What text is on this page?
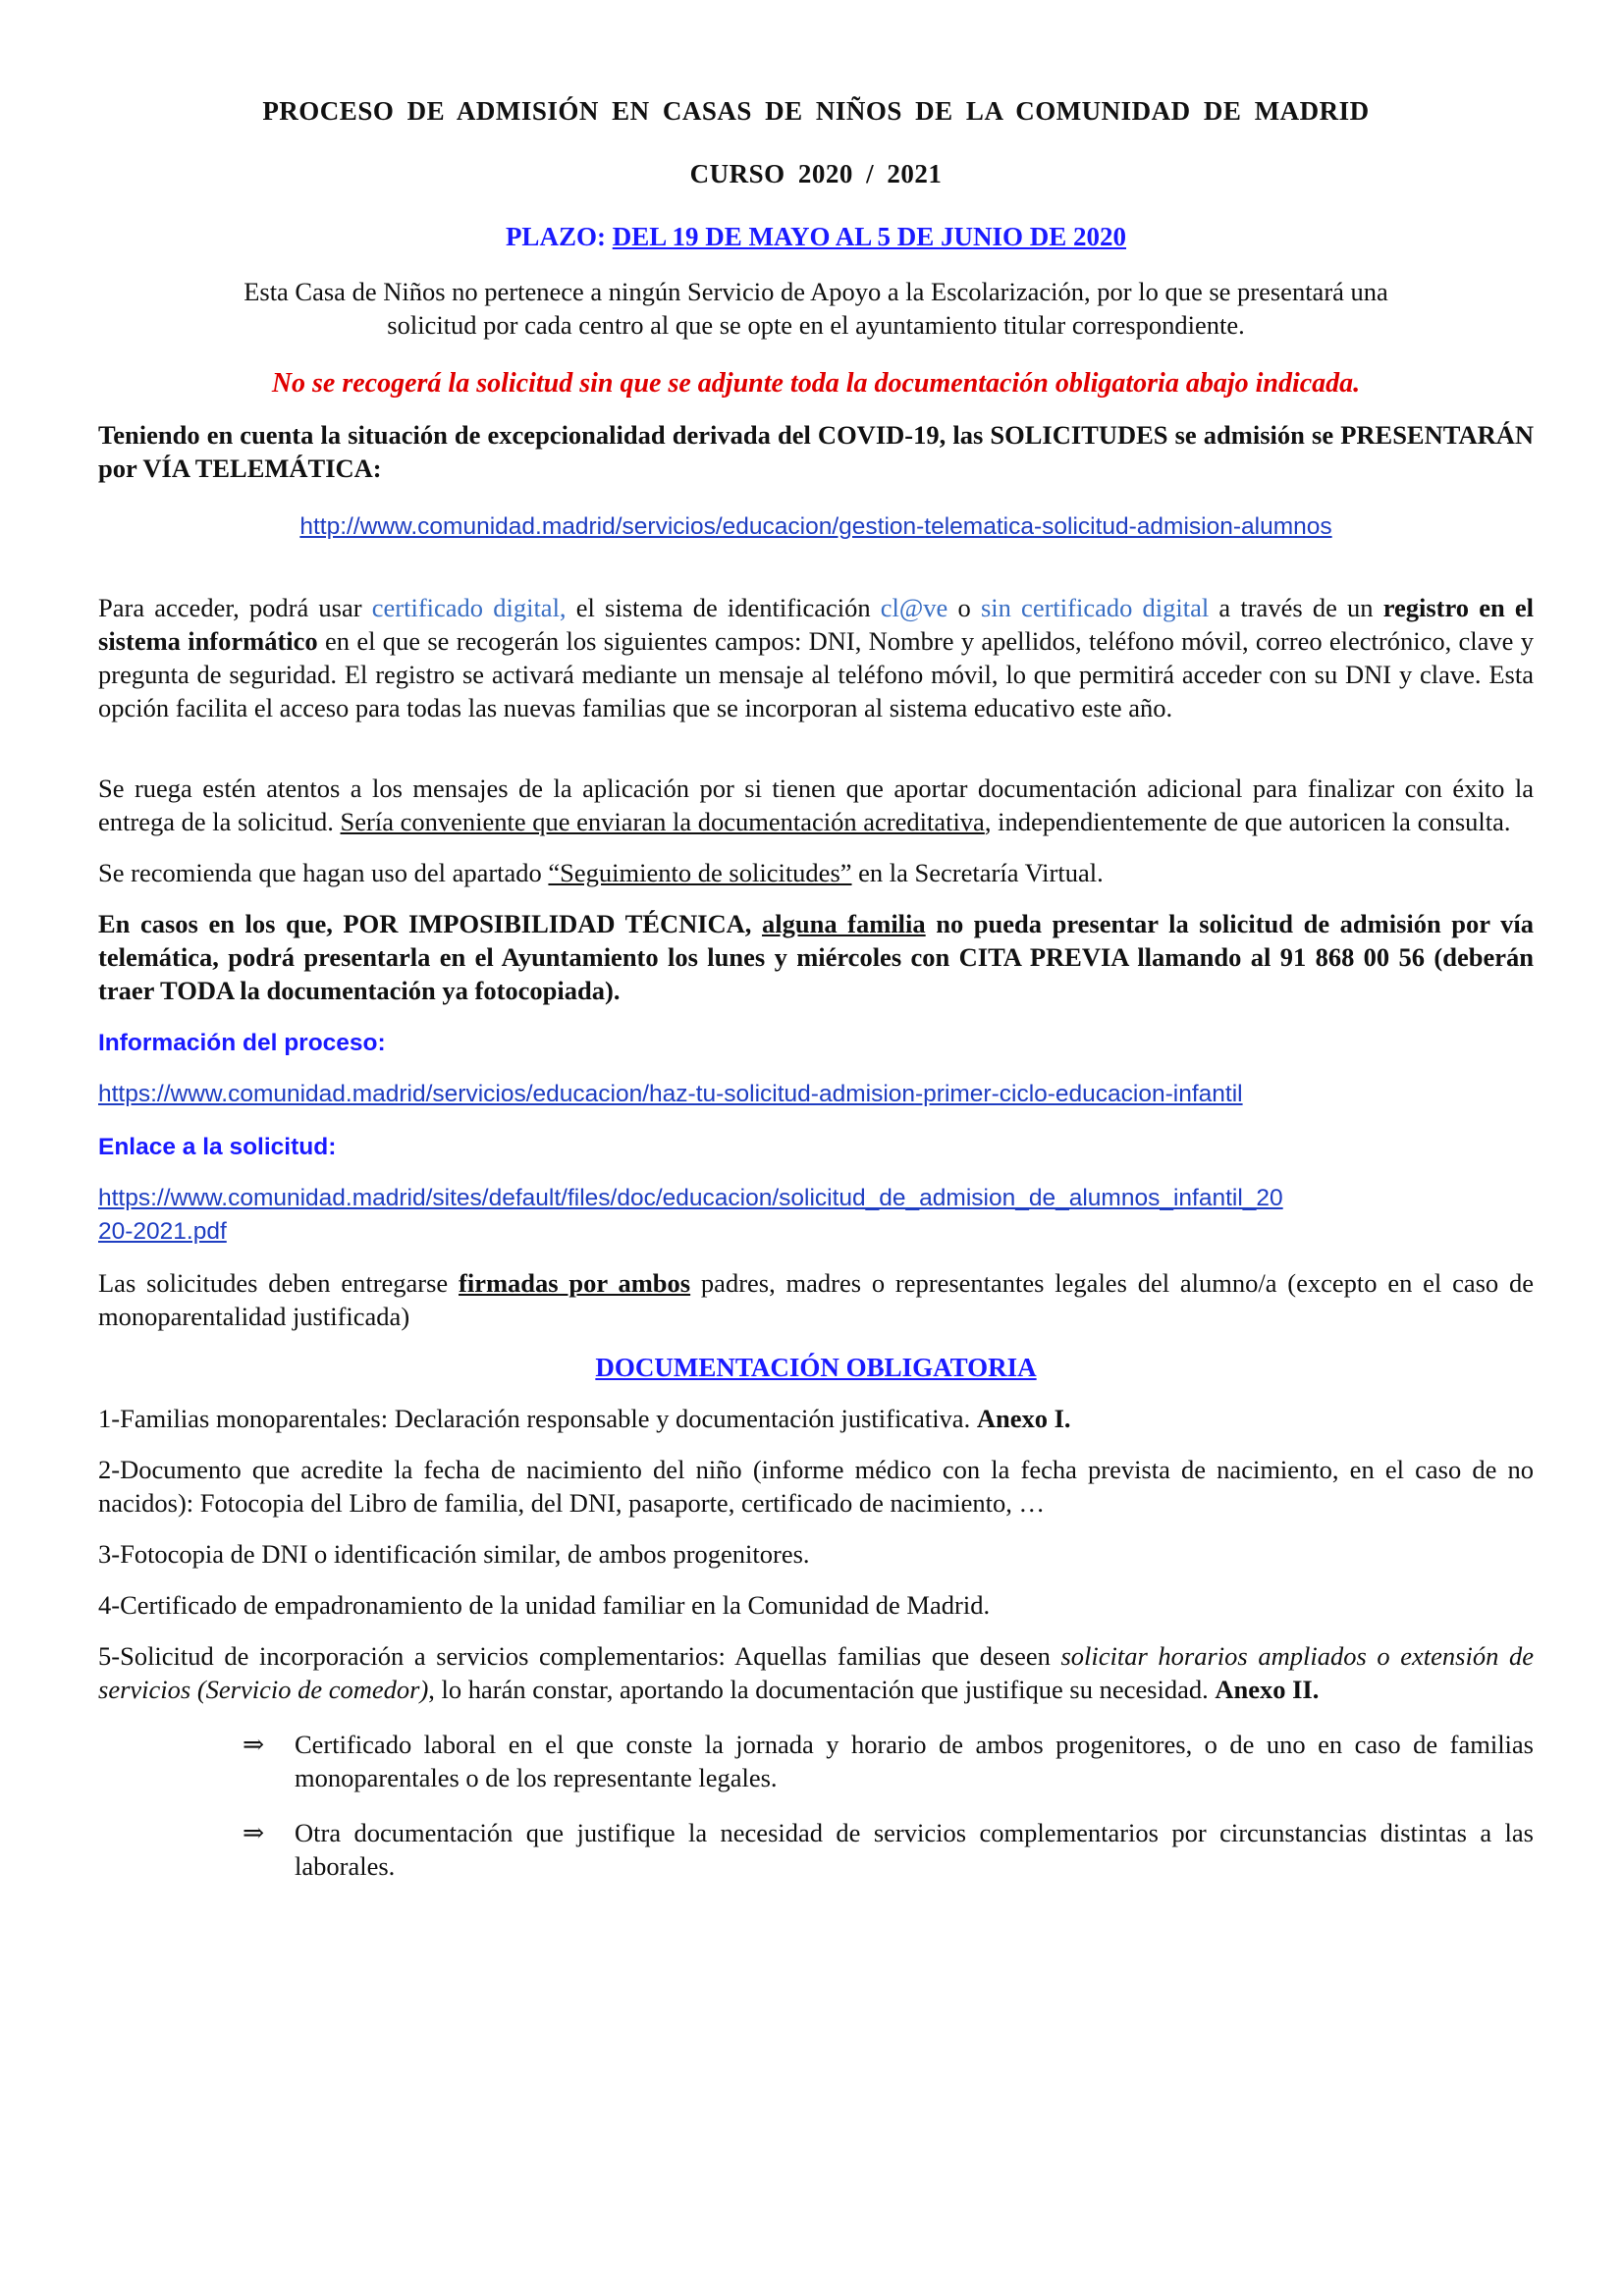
PROCESO DE ADMISIÓN EN CASAS DE NIÑOS DE LA COMUNIDAD DE MADRID

CURSO 2020 / 2021

PLAZO: DEL 19 DE MAYO AL 5 DE JUNIO DE 2020

Esta Casa de Niños no pertenece a ningún Servicio de Apoyo a la Escolarización, por lo que se presentará una

solicitud por cada centro al que se opte en el ayuntamiento titular correspondiente.

No se recogerá la solicitud sin que se adjunte toda la documentación obligatoria abajo indicada.

Teniendo en cuenta la situación de excepcionalidad derivada del COVID-19, las SOLICITUDES se admisión se PRESENTARÁN por VÍA TELEMÁTICA:

http://www.comunidad.madrid/servicios/educacion/gestion-telematica-solicitud-admision-alumnos

Para acceder, podrá usar certificado digital, el sistema de identificación cl@ve o sin certificado digital a través de un registro en el sistema informático en el que se recogerán los siguientes campos: DNI, Nombre y apellidos, teléfono móvil, correo electrónico, clave y pregunta de seguridad. El registro se activará mediante un mensaje al teléfono móvil, lo que permitirá acceder con su DNI y clave. Esta opción facilita el acceso para todas las nuevas familias que se incorporan al sistema educativo este año.

Se ruega estén atentos a los mensajes de la aplicación por si tienen que aportar documentación adicional para finalizar con éxito la entrega de la solicitud. Sería conveniente que enviaran la documentación acreditativa, independientemente de que autoricen la consulta.

Se recomienda que hagan uso del apartado “Seguimiento de solicitudes” en la Secretaría Virtual.

En casos en los que, POR IMPOSIBILIDAD TÉCNICA, alguna familia no pueda presentar la solicitud de admisión por vía telemática, podrá presentarla en el Ayuntamiento los lunes y miércoles con CITA PREVIA llamando al 91 868 00 56 (deberán traer TODA la documentación ya fotocopiada).

Información del proceso:

https://www.comunidad.madrid/servicios/educacion/haz-tu-solicitud-admision-primer-ciclo-educacion-infantil

Enlace a la solicitud:

https://www.comunidad.madrid/sites/default/files/doc/educacion/solicitud_de_admision_de_alumnos_infantil_20
20-2021.pdf

Las solicitudes deben entregarse firmadas por ambos padres, madres o representantes legales del alumno/a (excepto en el caso de monoparentalidad justificada)

DOCUMENTACIÓN OBLIGATORIA

1-Familias monoparentales: Declaración responsable y documentación justificativa. Anexo I.

2-Documento que acredite la fecha de nacimiento del niño (informe médico con la fecha prevista de nacimiento, en el caso de no nacidos): Fotocopia del Libro de familia, del DNI, pasaporte, certificado de nacimiento, …

3-Fotocopia de DNI o identificación similar, de ambos progenitores.

4-Certificado de empadronamiento de la unidad familiar en la Comunidad de Madrid.

5-Solicitud de incorporación a servicios complementarios: Aquellas familias que deseen solicitar horarios ampliados o extensión de servicios (Servicio de comedor), lo harán constar, aportando la documentación que justifique su necesidad. Anexo II.

⇒ Certificado laboral en el que conste la jornada y horario de ambos progenitores, o de uno en caso de familias monoparentales o de los representante legales.
⇒ Otra documentación que justifique la necesidad de servicios complementarios por circunstancias distintas a las laborales.
